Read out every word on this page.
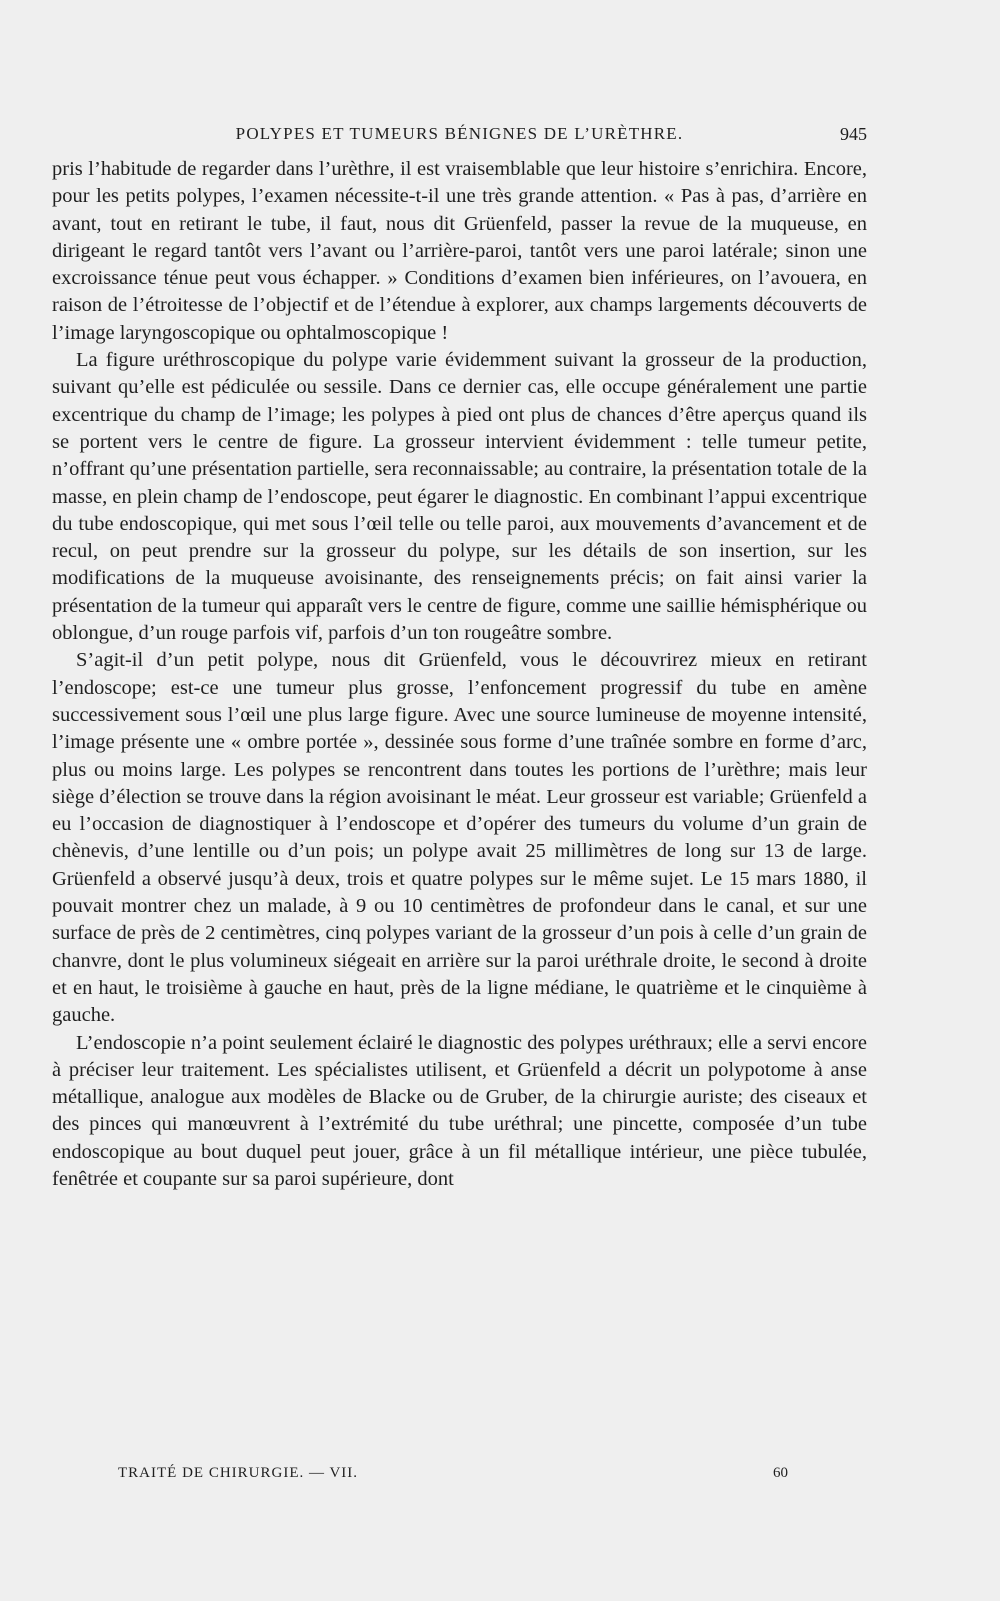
POLYPES ET TUMEURS BÉNIGNES DE L’URÈTHRE.	945

pris l’habitude de regarder dans l’urèthre, il est vraisemblable que leur histoire s’enrichira. Encore, pour les petits polypes, l’examen nécessite-t-il une très grande attention. « Pas à pas, d’arrière en avant, tout en retirant le tube, il faut, nous dit Grüenfeld, passer la revue de la muqueuse, en dirigeant le regard tantôt vers l’avant ou l’arrière-paroi, tantôt vers une paroi latérale; sinon une excroissance ténue peut vous échapper. » Conditions d’examen bien inférieures, on l’avouera, en raison de l’étroitesse de l’objectif et de l’étendue à explorer, aux champs largements découverts de l’image laryngoscopique ou ophtalmoscopique !

La figure uréthroscopique du polype varie évidemment suivant la grosseur de la production, suivant qu’elle est pédiculée ou sessile. Dans ce dernier cas, elle occupe généralement une partie excentrique du champ de l’image; les polypes à pied ont plus de chances d’être aperçus quand ils se portent vers le centre de figure. La grosseur intervient évidemment : telle tumeur petite, n’offrant qu’une présentation partielle, sera reconnaissable; au contraire, la présentation totale de la masse, en plein champ de l’endoscope, peut égarer le diagnostic. En combinant l’appui excentrique du tube endoscopique, qui met sous l’œil telle ou telle paroi, aux mouvements d’avancement et de recul, on peut prendre sur la grosseur du polype, sur les détails de son insertion, sur les modifications de la muqueuse avoisinante, des renseignements précis; on fait ainsi varier la présentation de la tumeur qui apparaît vers le centre de figure, comme une saillie hémisphérique ou oblongue, d’un rouge parfois vif, parfois d’un ton rougeâtre sombre.

S’agit-il d’un petit polype, nous dit Grüenfeld, vous le découvrirez mieux en retirant l’endoscope; est-ce une tumeur plus grosse, l’enfoncement progressif du tube en amène successivement sous l’œil une plus large figure. Avec une source lumineuse de moyenne intensité, l’image présente une « ombre portée », dessinée sous forme d’une traînée sombre en forme d’arc, plus ou moins large. Les polypes se rencontrent dans toutes les portions de l’urèthre; mais leur siège d’élection se trouve dans la région avoisinant le méat. Leur grosseur est variable; Grüenfeld a eu l’occasion de diagnostiquer à l’endoscope et d’opérer des tumeurs du volume d’un grain de chènevis, d’une lentille ou d’un pois; un polype avait 25 millimètres de long sur 13 de large. Grüenfeld a observé jusqu’à deux, trois et quatre polypes sur le même sujet. Le 15 mars 1880, il pouvait montrer chez un malade, à 9 ou 10 centimètres de profondeur dans le canal, et sur une surface de près de 2 centimètres, cinq polypes variant de la grosseur d’un pois à celle d’un grain de chanvre, dont le plus volumineux siégeait en arrière sur la paroi uréthrale droite, le second à droite et en haut, le troisième à gauche en haut, près de la ligne médiane, le quatrième et le cinquième à gauche.

L’endoscopie n’a point seulement éclairé le diagnostic des polypes uréthraux; elle a servi encore à préciser leur traitement. Les spécialistes utilisent, et Grüenfeld a décrit un polypotome à anse métallique, analogue aux modèles de Blacke ou de Gruber, de la chirurgie auriste; des ciseaux et des pinces qui manœuvrent à l’extrémité du tube uréthral; une pincette, composée d’un tube endoscopique au bout duquel peut jouer, grâce à un fil métallique intérieur, une pièce tubulée, fenêtrée et coupante sur sa paroi supérieure, dont

TRAITÉ DE CHIRURGIE. — VII.	60
